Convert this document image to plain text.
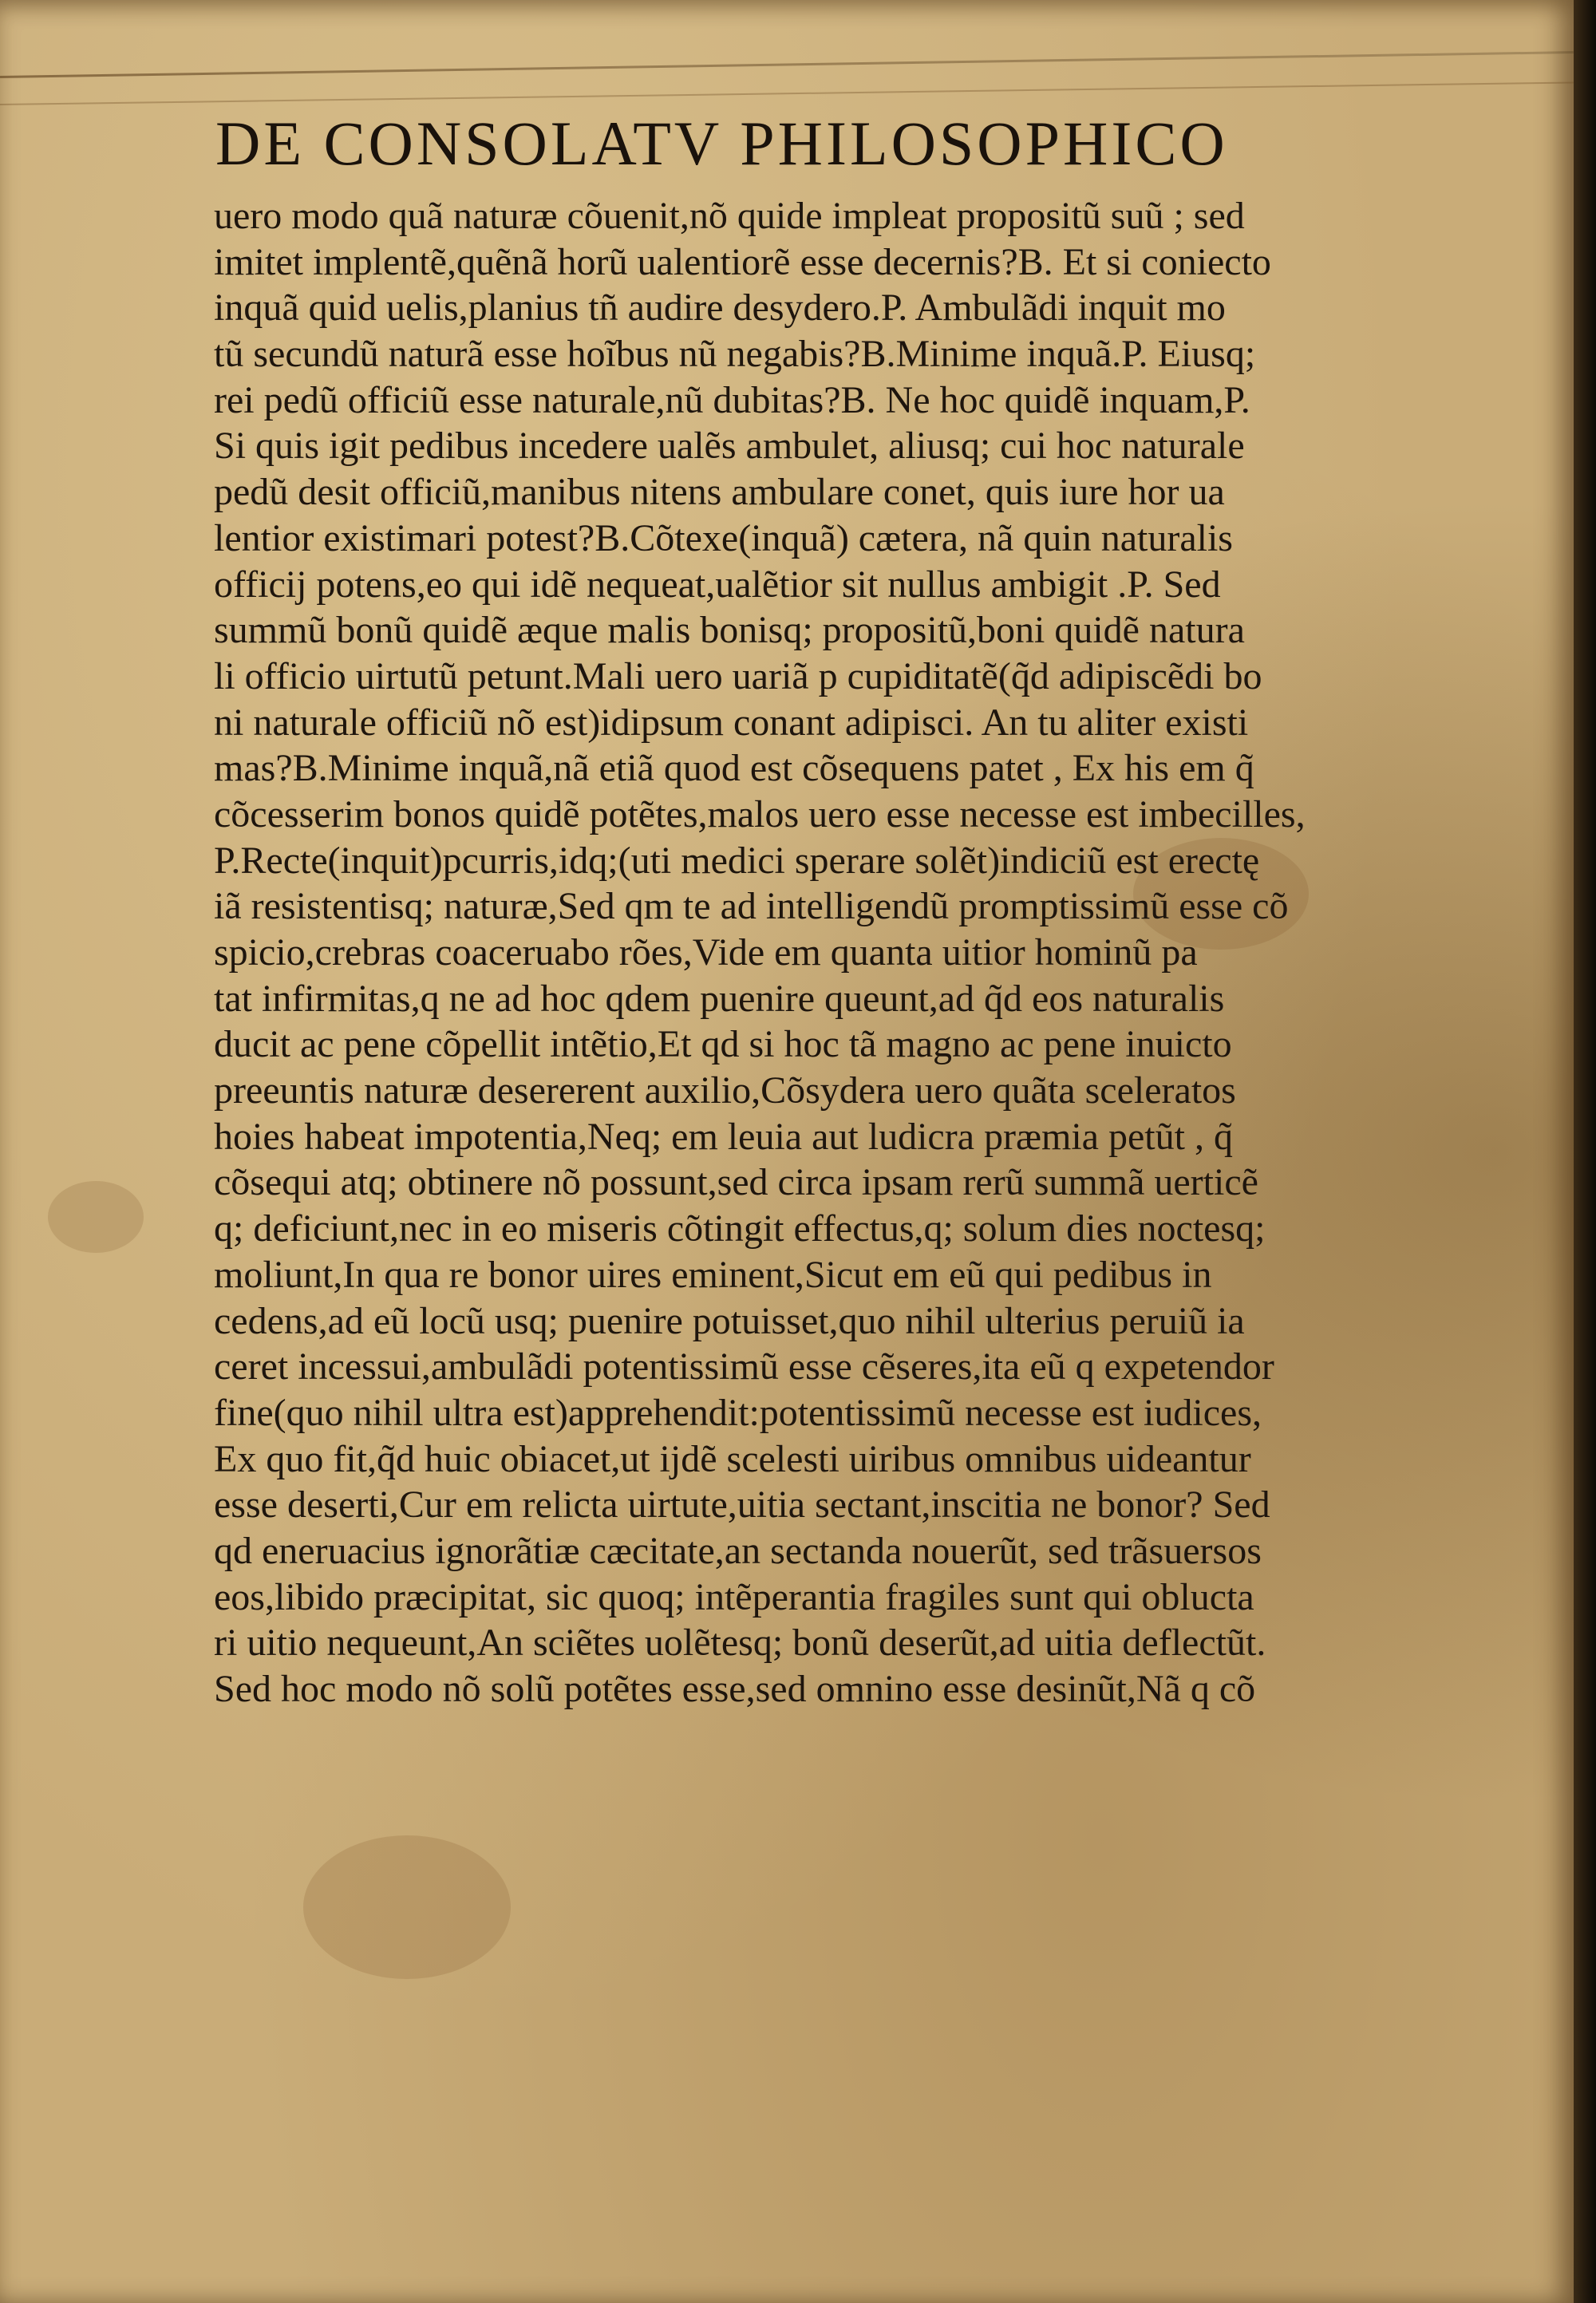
DE CONSOLATV PHILOSOPHICO
uero modo quã naturæ cõuenit,nõ quide impleat propositũ suũ ; sed
imitet implentẽ,quẽnã horũ ualentiorẽ esse decernis?B. Et si coniecto
inquã quid uelis,planius tñ audire desydero.P. Ambulãdi inquit mo
tũ secundũ naturã esse hoĩbus nũ negabis?B.Minime inquã.P. Eiusq;
rei pedũ officiũ esse naturale,nũ dubitas?B. Ne hoc quidẽ inquam,P.
Si quis igit pedibus incedere ualẽs ambulet, aliusq; cui hoc naturale
pedũ desit officiũ,manibus nitens ambulare conet, quis iure hor ua
lentior existimari potest?B.Cõtexe(inquã) cætera, nã quin naturalis
officij potens,eo qui idẽ nequeat,ualẽtior sit nullus ambigit .P. Sed
summũ bonũ quidẽ æque malis bonisq; propositũ,boni quidẽ natura
li officio uirtutũ petunt.Mali uero uariã p cupiditatẽ(q̃d adipiscẽdi bo
ni naturale officiũ nõ est)idipsum conant adipisci. An tu aliter existi
mas?B.Minime inquã,nã etiã quod est cõsequens patet , Ex his em q̃
cõcesserim bonos quidẽ potẽtes,malos uero esse necesse est imbecilles,
P.Recte(inquit)pcurris,idq;(uti medici sperare solẽt)indiciũ est erectę
iã resistentisq; naturæ,Sed qm te ad intelligendũ promptissimũ esse cõ
spicio,crebras coaceruabo rões,Vide em quanta uitior hominũ pa
tat infirmitas,q ne ad hoc qdem puenire queunt,ad q̃d eos naturalis
ducit ac pene cõpellit intẽtio,Et qd si hoc tã magno ac pene inuicto
preeuntis naturæ desererent auxilio,Cõsydera uero quãta sceleratos
hoies habeat impotentia,Neq; em leuia aut ludicra præmia petũt , q̃
cõsequi atq; obtinere nõ possunt,sed circa ipsam rerũ summã uerticẽ
q; deficiunt,nec in eo miseris cõtingit effectus,q; solum dies noctesq;
moliunt,In qua re bonor uires eminent,Sicut em eũ qui pedibus in
cedens,ad eũ locũ usq; puenire potuisset,quo nihil ulterius peruiũ ia
ceret incessui,ambulãdi potentissimũ esse cẽseres,ita eũ q expetendor
fine(quo nihil ultra est)apprehendit:potentissimũ necesse est iudices,
Ex quo fit,q̃d huic obiacet,ut ijdẽ scelesti uiribus omnibus uideantur
esse deserti,Cur em relicta uirtute,uitia sectant,inscitia ne bonor? Sed
qd eneruacius ignorãtiæ cæcitate,an sectanda nouerũt, sed trãsuersos
eos,libido præcipitat, sic quoq; intẽperantia fragiles sunt qui oblucta
ri uitio nequeunt,An sciẽtes uolẽtesq; bonũ deserũt,ad uitia deflectũt.
Sed hoc modo nõ solũ potẽtes esse,sed omnino esse desinũt,Nã q cõ
